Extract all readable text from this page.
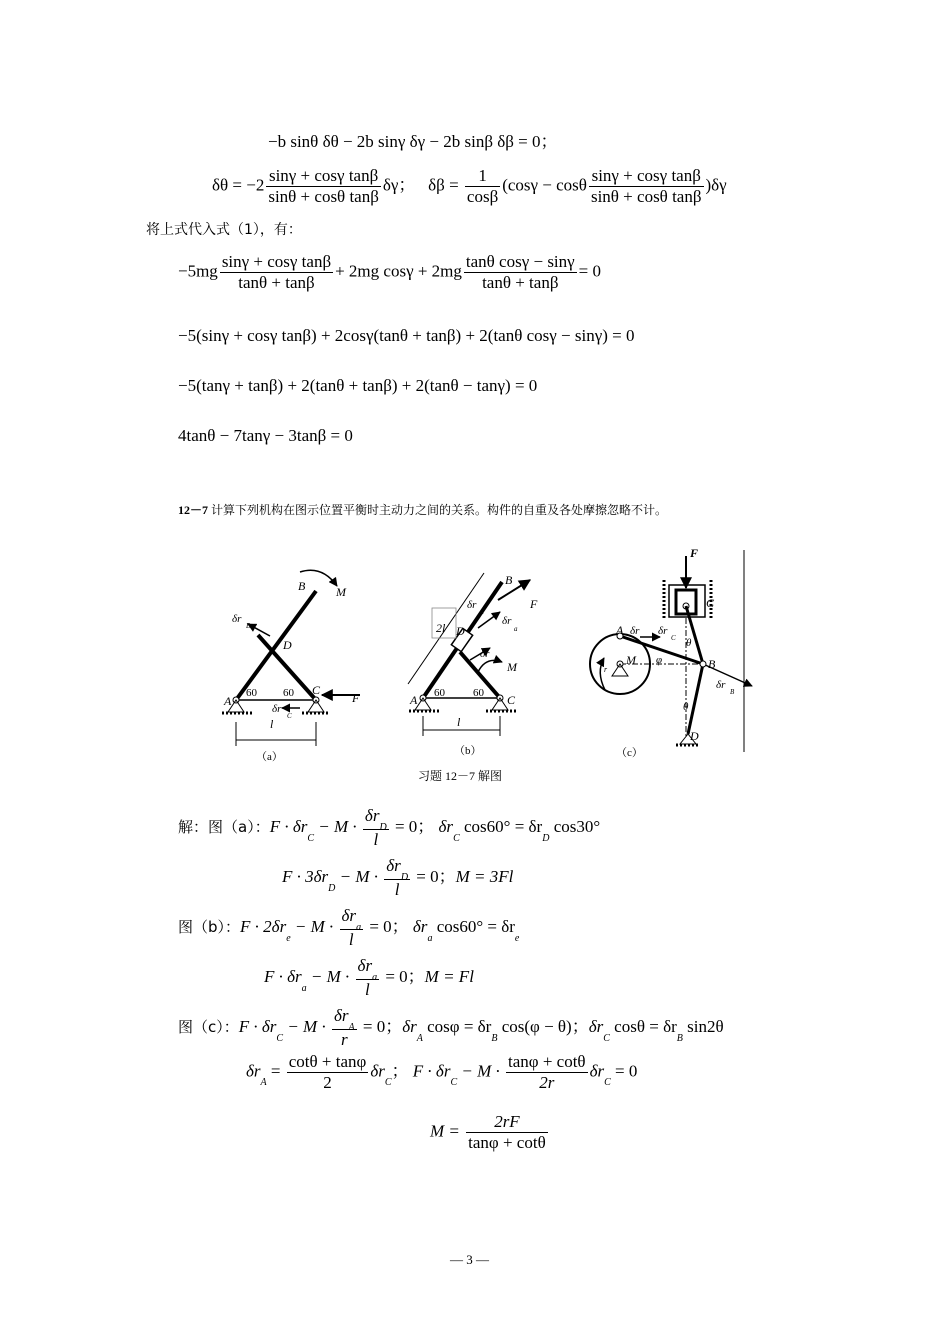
−b sinθ δθ − 2b sinγ δγ − 2b sinβ δβ = 0；
$\delta\theta = -2 \frac{\text{sinγ + cosγ tanβ}}{\text{sinθ + cosθ tanβ}}$ δγ； $\delta\beta = \frac{1}{\cos\beta} (\cos\gamma - \cos\theta \frac{\text{sinγ + cosγ tanβ}}{\text{sinθ + cosθ tanβ}} )\delta\gamma$
将上式代入式（1），有：
$-5mg \frac{\text{sinγ + cosγ tanβ}}{\tan\theta + \tan\beta} + 2mg$ $\cos\gamma + 2mg \frac{\text{tanθ cosγ − sinγ}}{\tan\theta + \tan\beta} = 0$
−5(sinγ + cosγ tanβ) + 2cosγ(tanθ + tanβ) + 2(tanθ cosγ − sinγ) = 0
−5(tanγ + tanβ) + 2(tanθ + tanβ) + 2(tanθ − tanγ) = 0
4tanθ − 7tanγ − 3tanβ = 0
12－7 计算下列机构在图示位置平衡时主动力之间的关系。构件的自重及各处摩擦忽略不计。
B	M
D
A
C
F
60 60
δr
B
δr
C
l
（a）
2l
B
F
D
M
A	C
60	60
δr
e
δr
a
δr
l
（b）
F
C
A
B
D
M
r
φ
θ
θ
δr δr
C
δr
B
（c）
习题 12－7 解图
解：图（a）：$F \cdot \delta r_C - M \cdot \frac{\delta r_D}{l} = 0$； $\delta r_C$ $\cos 60^\circ = \delta r_D$ cos30°
$F \cdot 3\delta r_D - M \cdot \frac{\delta r_D}{l} = 0$；M = 3Fl
图（b）：$F \cdot 2\delta r_e - M \cdot \frac{\delta r_a}{l} = 0$； $\delta r_a$ $\cos 60^\circ = \delta r_e$
$F \cdot \delta r_a - M \cdot \frac{\delta r_a}{l} = 0$；M = Fl
图（c）：$F \cdot \delta r_C - M \cdot \frac{\delta r_A}{r} = 0$；$\delta r_A$ $\cos\varphi = \delta r_B$ cos(φ − θ)；$\delta r_C$ $\cos\theta = \delta r_B$ sin2θ
$\delta r_A = \frac{\cot\theta + \tan\varphi}{2} \delta r_C$； $F \cdot \delta r_C - M \cdot \frac{\tan\varphi + \cot\theta}{2r} \delta r_C = 0$
$M = \frac{2rF}{\tan\varphi + \cot\theta}$
— 3 —
